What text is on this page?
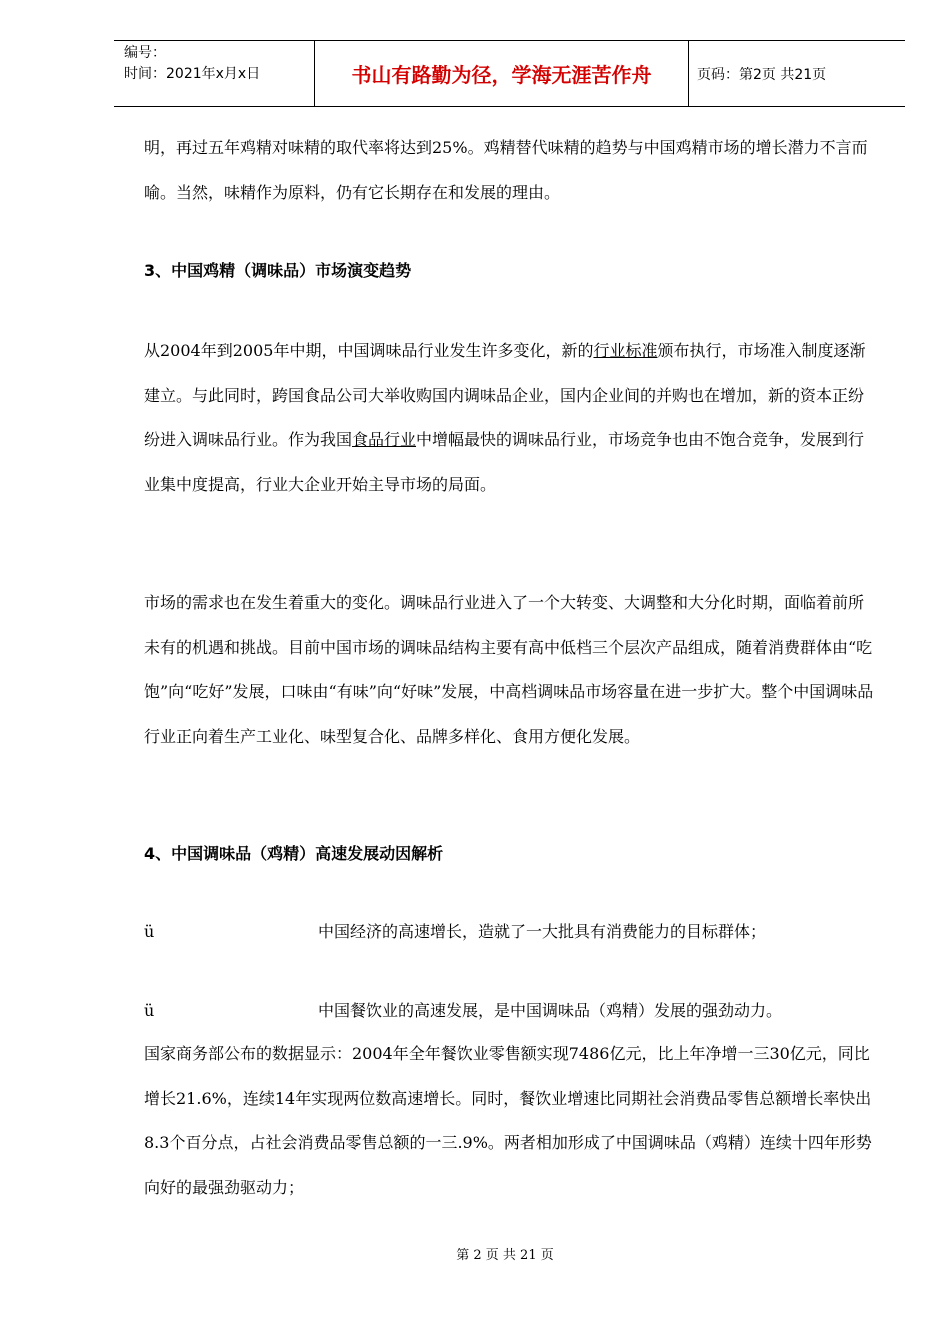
编号：
时间：2021年x月x日	书山有路勤为径，学海无涯苦作舟	页码：第2页 共21页

明，再过五年鸡精对味精的取代率将达到25%。鸡精替代味精的趋势与中国鸡精市场的增长潜力不言而喻。当然，味精作为原料，仍有它长期存在和发展的理由。

3、中国鸡精（调味品）市场演变趋势

从2004年到2005年中期，中国调味品行业发生许多变化，新的行业标准颁布执行，市场准入制度逐渐建立。与此同时，跨国食品公司大举收购国内调味品企业，国内企业间的并购也在增加，新的资本正纷纷进入调味品行业。作为我国食品行业中增幅最快的调味品行业，市场竞争也由不饱合竞争，发展到行业集中度提高，行业大企业开始主导市场的局面。

市场的需求也在发生着重大的变化。调味品行业进入了一个大转变、大调整和大分化时期，面临着前所未有的机遇和挑战。目前中国市场的调味品结构主要有高中低档三个层次产品组成，随着消费群体由“吃饱”向“吃好”发展，口味由“有味”向“好味”发展，中高档调味品市场容量在进一步扩大。整个中国调味品行业正向着生产工业化、味型复合化、品牌多样化、食用方便化发展。

4、中国调味品（鸡精）高速发展动因解析

ü	中国经济的高速增长，造就了一大批具有消费能力的目标群体；
ü	中国餐饮业的高速发展，是中国调味品（鸡精）发展的强劲动力。

国家商务部公布的数据显示：2004年全年餐饮业零售额实现7486亿元，比上年净增一三30亿元，同比增长21.6%，连续14年实现两位数高速增长。同时，餐饮业增速比同期社会消费品零售总额增长率快出8.3个百分点，占社会消费品零售总额的一三.9%。两者相加形成了中国调味品（鸡精）连续十四年形势向好的最强劲驱动力；

第 2 页 共 21 页
